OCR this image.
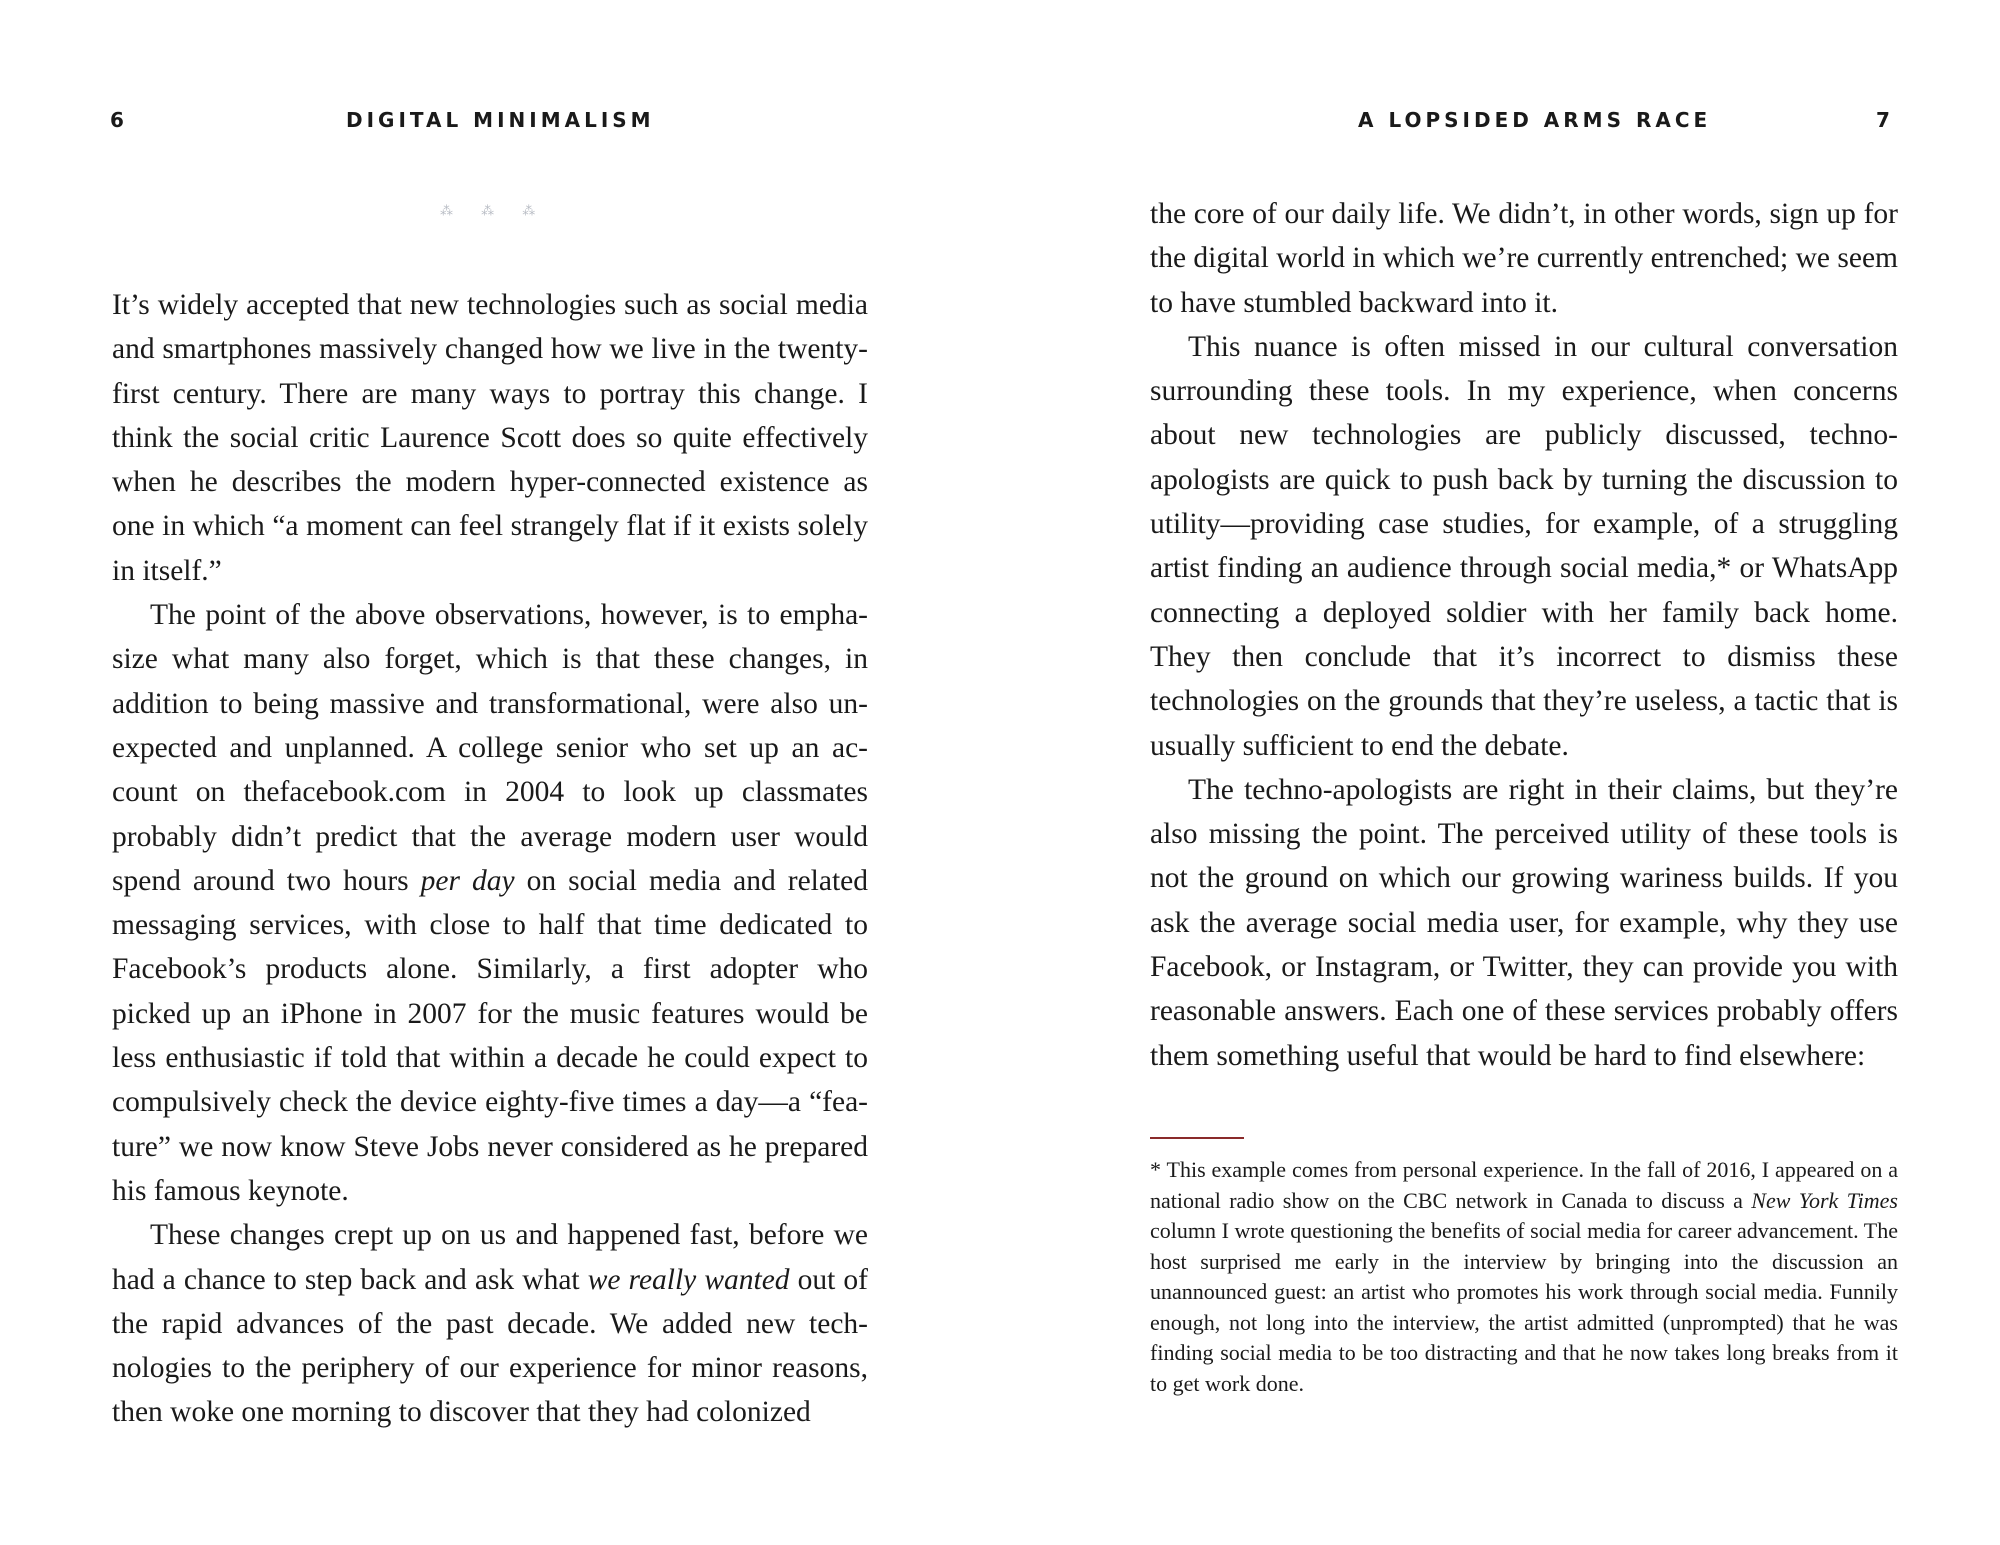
6	DIGITAL MINIMALISM
⁂ ⁂ ⁂

It’s widely accepted that new technologies such as social media and smartphones massively changed how we live in the twenty-first century. There are many ways to portray this change. I think the social critic Laurence Scott does so quite effectively when he describes the modern hyper-connected existence as one in which “a moment can feel strangely flat if it exists solely in itself.”

The point of the above observations, however, is to emphasize what many also forget, which is that these changes, in addition to being massive and transformational, were also unexpected and unplanned. A college senior who set up an account on thefacebook.com in 2004 to look up classmates probably didn’t predict that the average modern user would spend around two hours per day on social media and related messaging services, with close to half that time dedicated to Facebook’s products alone. Similarly, a first adopter who picked up an iPhone in 2007 for the music features would be less enthusiastic if told that within a decade he could expect to compulsively check the device eighty-five times a day—a “feature” we now know Steve Jobs never considered as he prepared his famous keynote.

These changes crept up on us and happened fast, before we had a chance to step back and ask what we really wanted out of the rapid advances of the past decade. We added new technologies to the periphery of our experience for minor reasons, then woke one morning to discover that they had colonized

A LOPSIDED ARMS RACE	7

the core of our daily life. We didn’t, in other words, sign up for the digital world in which we’re currently entrenched; we seem to have stumbled backward into it.

This nuance is often missed in our cultural conversation surrounding these tools. In my experience, when concerns about new technologies are publicly discussed, techno-apologists are quick to push back by turning the discussion to utility—providing case studies, for example, of a struggling artist finding an audience through social media,* or WhatsApp connecting a deployed soldier with her family back home. They then conclude that it’s incorrect to dismiss these technologies on the grounds that they’re useless, a tactic that is usually sufficient to end the debate.

The techno-apologists are right in their claims, but they’re also missing the point. The perceived utility of these tools is not the ground on which our growing wariness builds. If you ask the average social media user, for example, why they use Facebook, or Instagram, or Twitter, they can provide you with reasonable answers. Each one of these services probably offers them something useful that would be hard to find elsewhere:

* This example comes from personal experience. In the fall of 2016, I appeared on a national radio show on the CBC network in Canada to discuss a New York Times column I wrote questioning the benefits of social media for career advancement. The host surprised me early in the interview by bringing into the discussion an unannounced guest: an artist who promotes his work through social media. Funnily enough, not long into the interview, the artist admitted (unprompted) that he was finding social media to be too distracting and that he now takes long breaks from it to get work done.
